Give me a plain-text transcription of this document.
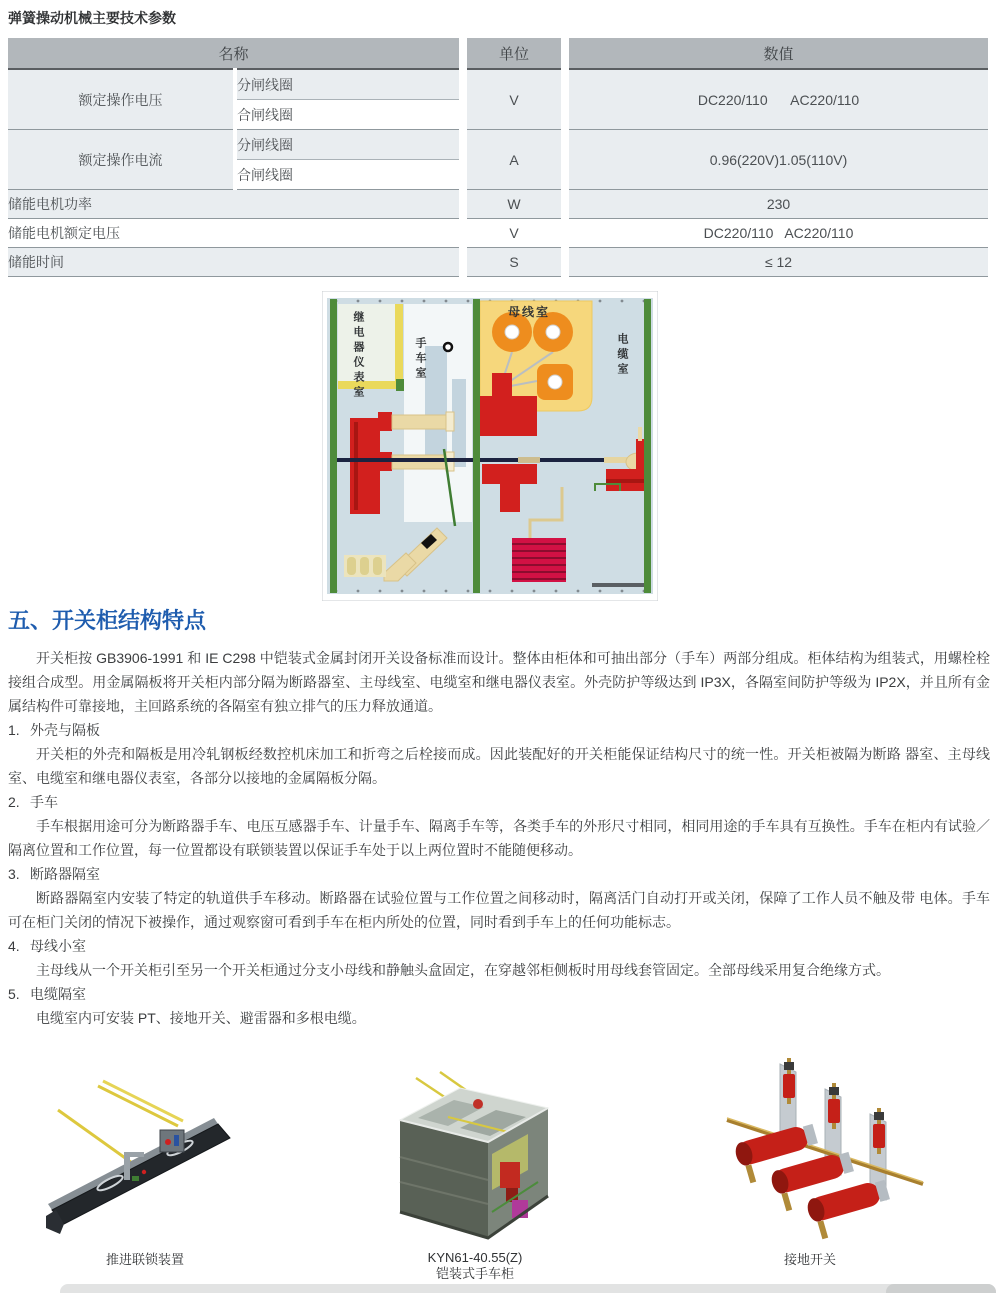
弹簧操动机械主要技术参数
名称		单位	数值
额定操作电压	分闸线圈	V	DC220/110      AC220/110
	合闸线圈		
额定操作电流	分闸线圈	A	0.96(220V)1.05(110V)
	合闸线圈		
储能电机功率		W	230
储能电机额定电压		V	DC220/110   AC220/110
储能时间		S	≤ 12
继电器仪表室	手车室
母线室
电缆室
五、开关柜结构特点

开关柜按 GB3906-1991 和 IE C298 中铠装式金属封闭开关设备标准而设计。整体由柜体和可抽出部分（手车）两部分组成。柜体结构为组装式，用螺栓栓接组合成型。用金属隔板将开关柜内部分隔为断路器室、主母线室、电缆室和继电器仪表室。外壳防护等级达到 IP3X，各隔室间防护等级为 IP2X，并且所有金属结构件可靠接地，主回路系统的各隔室有独立排气的压力释放通道。

1. 外壳与隔板

开关柜的外壳和隔板是用冷轧钢板经数控机床加工和折弯之后栓接而成。因此装配好的开关柜能保证结构尺寸的统一性。开关柜被隔为断路 器室、主母线室、电缆室和继电器仪表室，各部分以接地的金属隔板分隔。

2. 手车

手车根据用途可分为断路器手车、电压互感器手车、计量手车、隔离手车等，各类手车的外形尺寸相同，相同用途的手车具有互换性。手车在柜内有试验／隔离位置和工作位置，每一位置都设有联锁装置以保证手车处于以上两位置时不能随便移动。

3. 断路器隔室

断路器隔室内安装了特定的轨道供手车移动。断路器在试验位置与工作位置之间移动时，隔离活门自动打开或关闭，保障了工作人员不触及带 电体。手车可在柜门关闭的情况下被操作，通过观察窗可看到手车在柜内所处的位置，同时看到手车上的任何功能标志。

4. 母线小室

主母线从一个开关柜引至另一个开关柜通过分支小母线和静触头盒固定，在穿越邻柜侧板时用母线套管固定。全部母线采用复合绝缘方式。

5. 电缆隔室

电缆室内可安装 PT、接地开关、避雷器和多根电缆。

推进联锁装置	KYN61-40.55(Z)
铠装式手车柜
接地开关
